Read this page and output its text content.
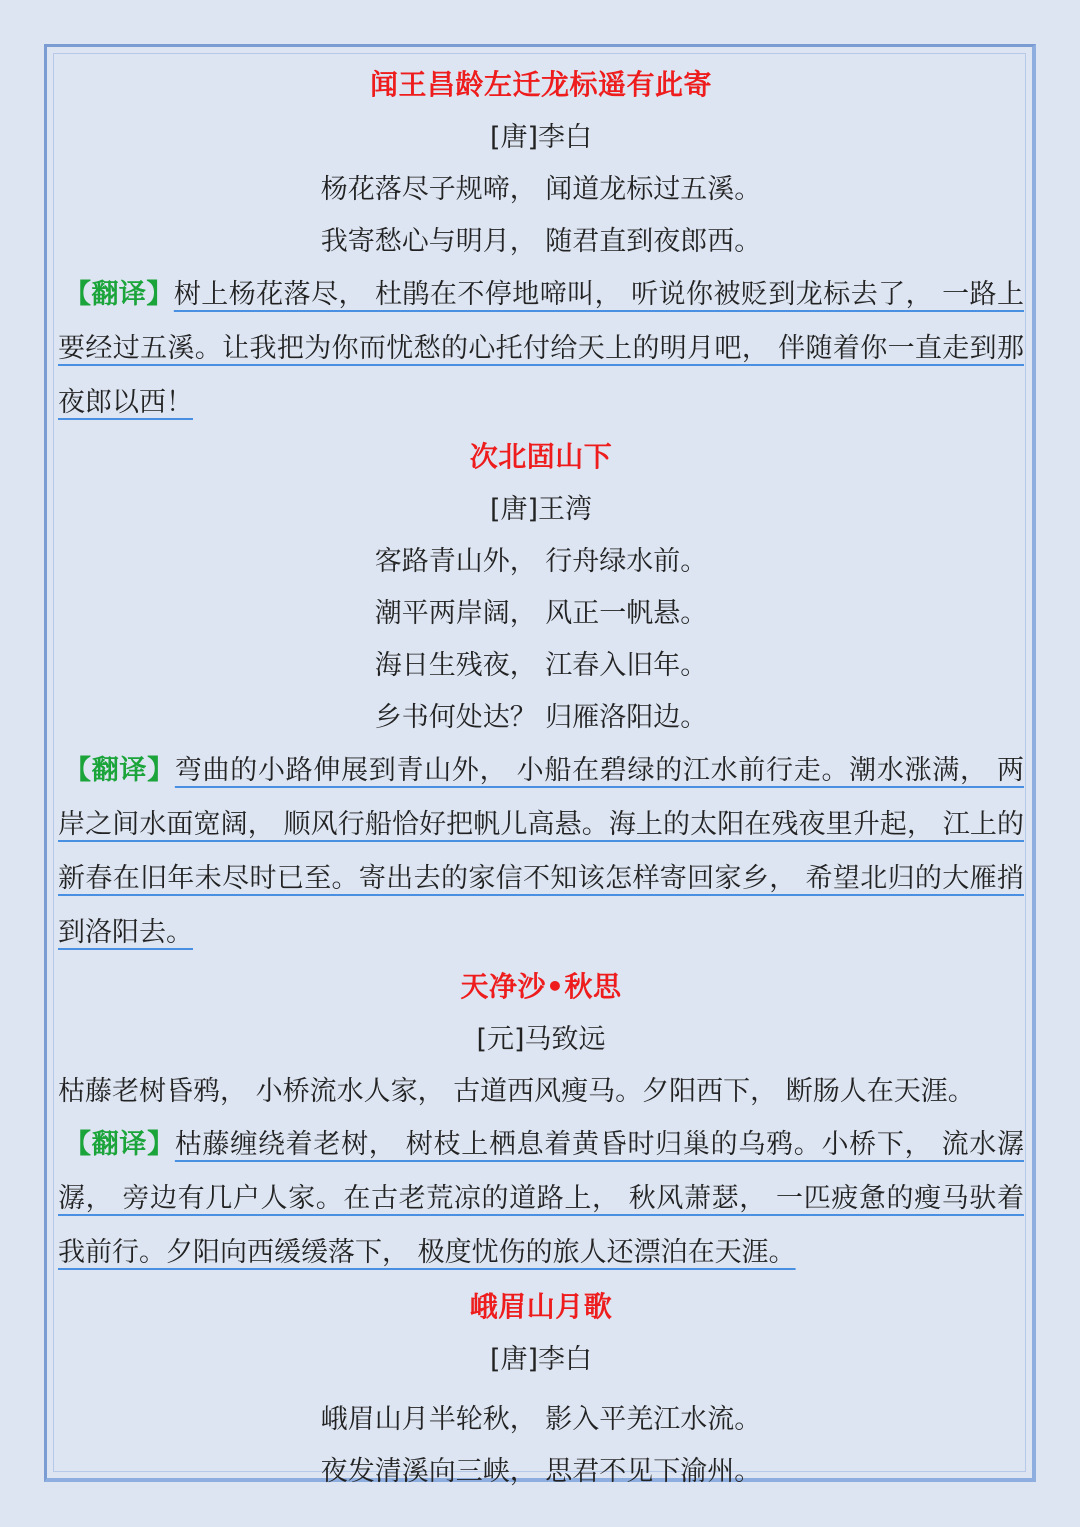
闻王昌龄左迁龙标遥有此寄
[唐]李白
杨花落尽子规啼， 闻道龙标过五溪。
我寄愁心与明月， 随君直到夜郎西。
【翻译】树上杨花落尽， 杜鹃在不停地啼叫， 听说你被贬到龙标去了， 一路上要经过五溪。让我把为你而忧愁的心托付给天上的明月吧， 伴随着你一直走到那夜郎以西！
次北固山下
[唐]王湾
客路青山外， 行舟绿水前。
潮平两岸阔， 风正一帆悬。
海日生残夜， 江春入旧年。
乡书何处达？ 归雁洛阳边。
【翻译】弯曲的小路伸展到青山外， 小船在碧绿的江水前行走。潮水涨满， 两岸之间水面宽阔， 顺风行船恰好把帆儿高悬。海上的太阳在残夜里升起， 江上的新春在旧年未尽时已至。寄出去的家信不知该怎样寄回家乡， 希望北归的大雁捎到洛阳去。
天净沙•秋思
[元]马致远
枯藤老树昏鸦， 小桥流水人家， 古道西风瘦马。夕阳西下， 断肠人在天涯。
【翻译】枯藤缠绕着老树， 树枝上栖息着黄昏时归巢的乌鸦。小桥下， 流水潺潺， 旁边有几户人家。在古老荒凉的道路上， 秋风萧瑟， 一匹疲惫的瘦马驮着我前行。夕阳向西缓缓落下， 极度忧伤的旅人还漂泊在天涯。
峨眉山月歌
[唐]李白
峨眉山月半轮秋， 影入平羌江水流。
夜发清溪向三峡， 思君不见下渝州。
